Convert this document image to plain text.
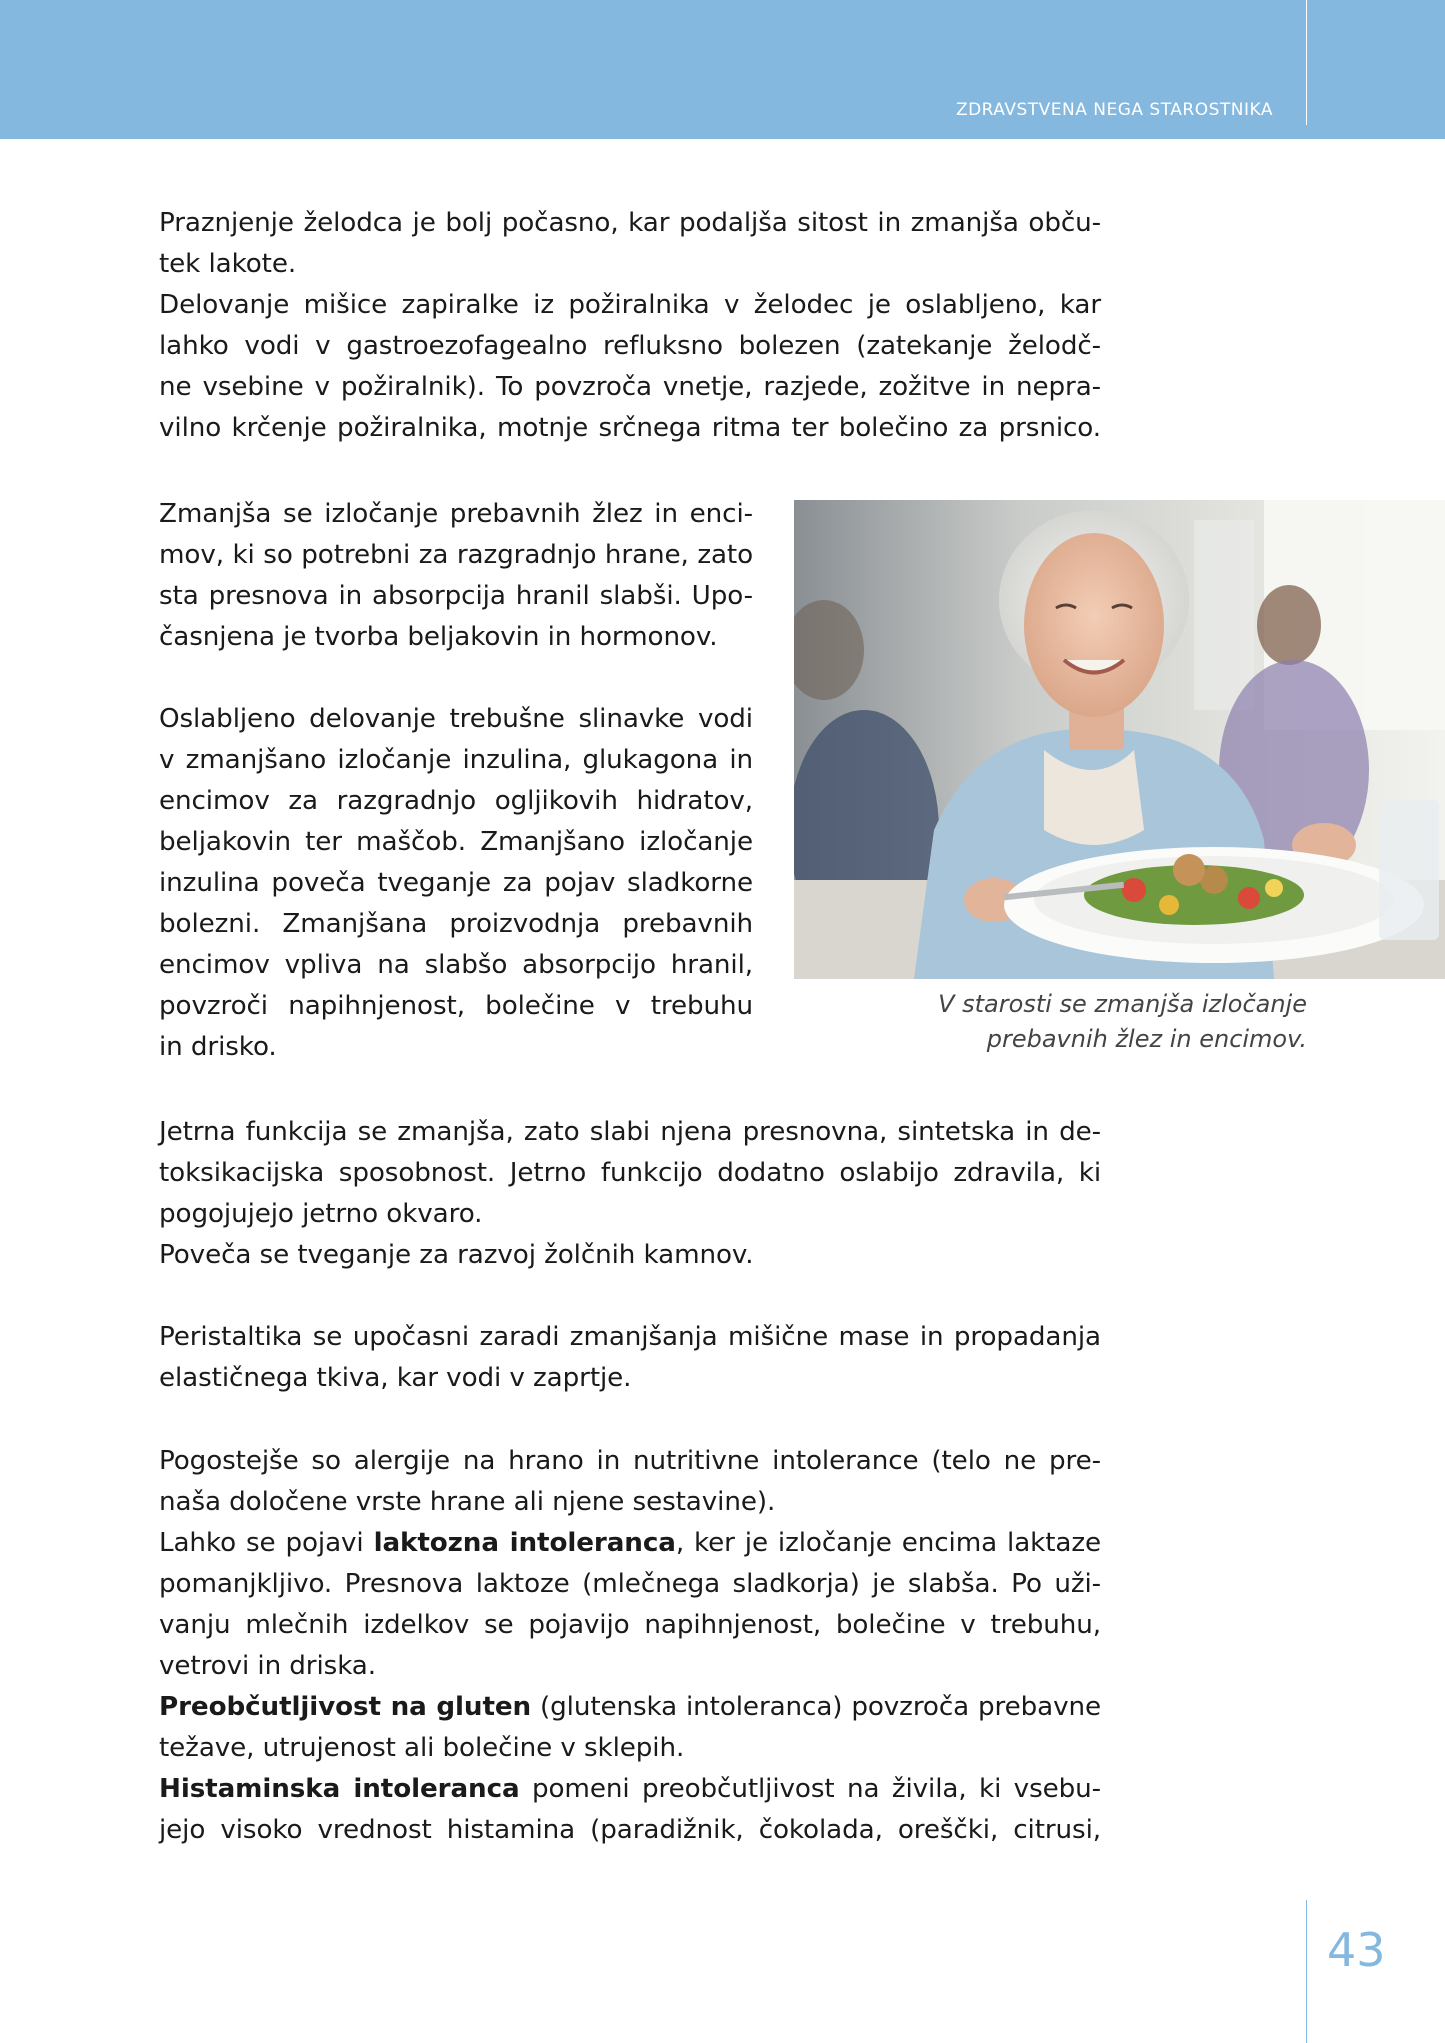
ZDRAVSTVENA NEGA STAROSTNIKA
Praznjenje želodca je bolj počasno, kar podaljša sitost in zmanjša obču-
tek lakote.
Delovanje mišice zapiralke iz požiralnika v želodec je oslabljeno, kar
lahko vodi v gastroezofagealno refluksno bolezen (zatekanje želodč-
ne vsebine v požiralnik). To povzroča vnetje, razjede, zožitve in nepra-
vilno krčenje požiralnika, motnje srčnega ritma ter bolečino za prsnico.
Zmanjša se izločanje prebavnih žlez in enci-
mov, ki so potrebni za razgradnjo hrane, zato
sta presnova in absorpcija hranil slabši. Upo-
časnjena je tvorba beljakovin in hormonov.
Oslabljeno delovanje trebušne slinavke vodi
v zmanjšano izločanje inzulina, glukagona in
encimov za razgradnjo ogljikovih hidratov,
beljakovin ter maščob. Zmanjšano izločanje
inzulina poveča tveganje za pojav sladkorne
bolezni. Zmanjšana proizvodnja prebavnih
encimov vpliva na slabšo absorpcijo hranil,
povzroči napihnjenost, bolečine v trebuhu
in drisko.
V starosti se zmanjša izločanje
prebavnih žlez in encimov.
Jetrna funkcija se zmanjša, zato slabi njena presnovna, sintetska in de-
toksikacijska sposobnost. Jetrno funkcijo dodatno oslabijo zdravila, ki
pogojujejo jetrno okvaro.
Poveča se tveganje za razvoj žolčnih kamnov.
Peristaltika se upočasni zaradi zmanjšanja mišične mase in propadanja
elastičnega tkiva, kar vodi v zaprtje.
Pogostejše so alergije na hrano in nutritivne intolerance (telo ne pre-
naša določene vrste hrane ali njene sestavine).
Lahko se pojavi laktozna intoleranca, ker je izločanje encima laktaze
pomanjkljivo. Presnova laktoze (mlečnega sladkorja) je slabša. Po uži-
vanju mlečnih izdelkov se pojavijo napihnjenost, bolečine v trebuhu,
vetrovi in driska.
Preobčutljivost na gluten (glutenska intoleranca) povzroča prebavne
težave, utrujenost ali bolečine v sklepih.
Histaminska intoleranca pomeni preobčutljivost na živila, ki vsebu-
jejo visoko vrednost histamina (paradižnik, čokolada, oreščki, citrusi,
43
